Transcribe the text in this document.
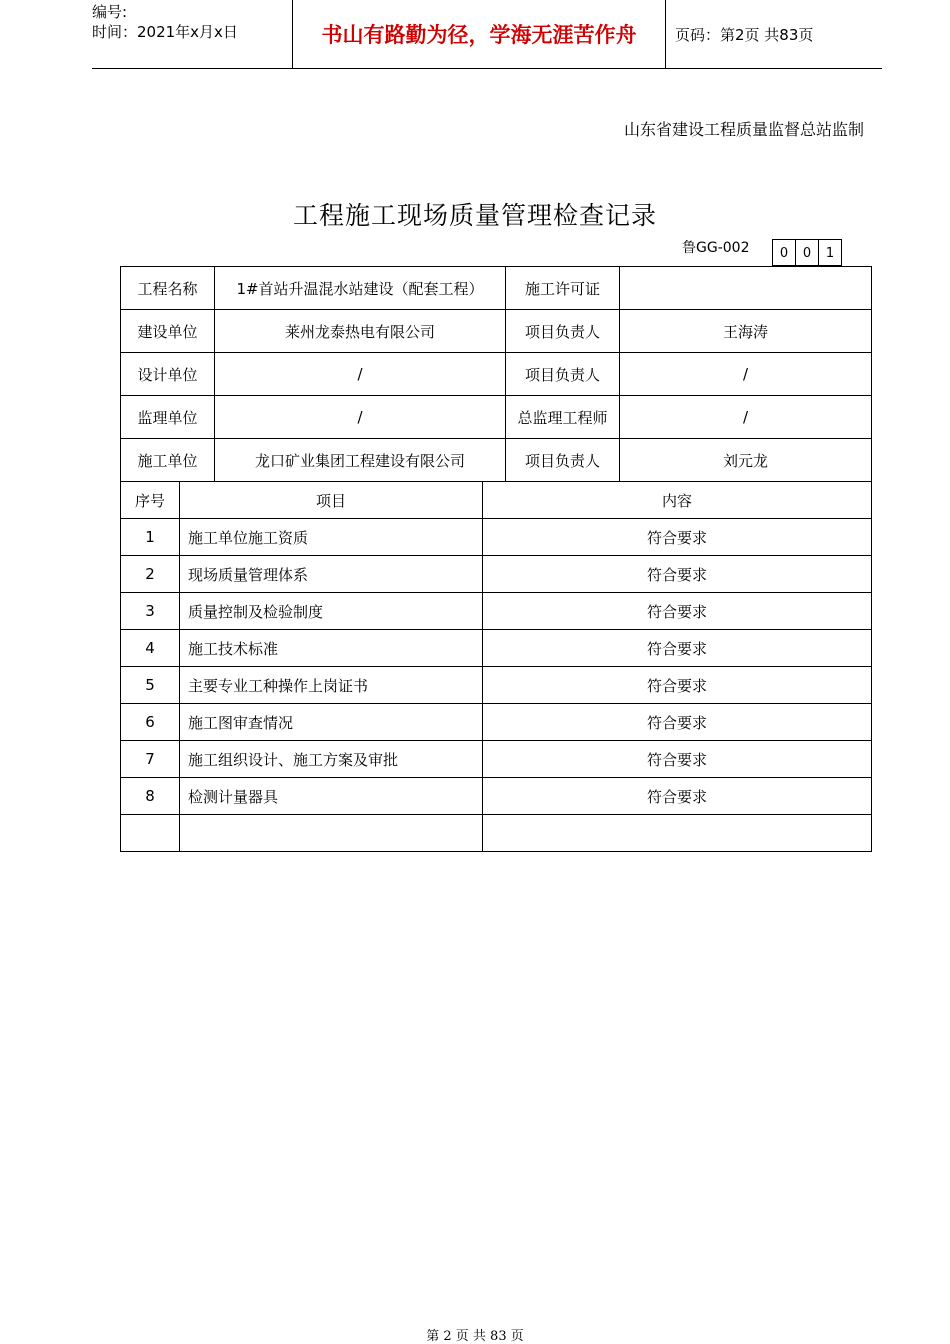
编号:
时间：2021年x月x日	书山有路勤为径，学海无涯苦作舟	页码：第2页 共83页
山东省建设工程质量监督总站监制
工程施工现场质量管理检查记录
鲁GG-002	0	0	1
工程名称	1#首站升温混水站建设（配套工程）	施工许可证	
建设单位	莱州龙泰热电有限公司	项目负责人	王海涛
设计单位	/	项目负责人	/
监理单位	/	总监理工程师	/
施工单位	龙口矿业集团工程建设有限公司	项目负责人	刘元龙
序号	项目	内容
1	施工单位施工资质	符合要求
2	现场质量管理体系	符合要求
3	质量控制及检验制度	符合要求
4	施工技术标准	符合要求
5	主要专业工种操作上岗证书	符合要求
6	施工图审查情况	符合要求
7	施工组织设计、施工方案及审批	符合要求
8	检测计量器具	符合要求

第 2 页 共 83 页
